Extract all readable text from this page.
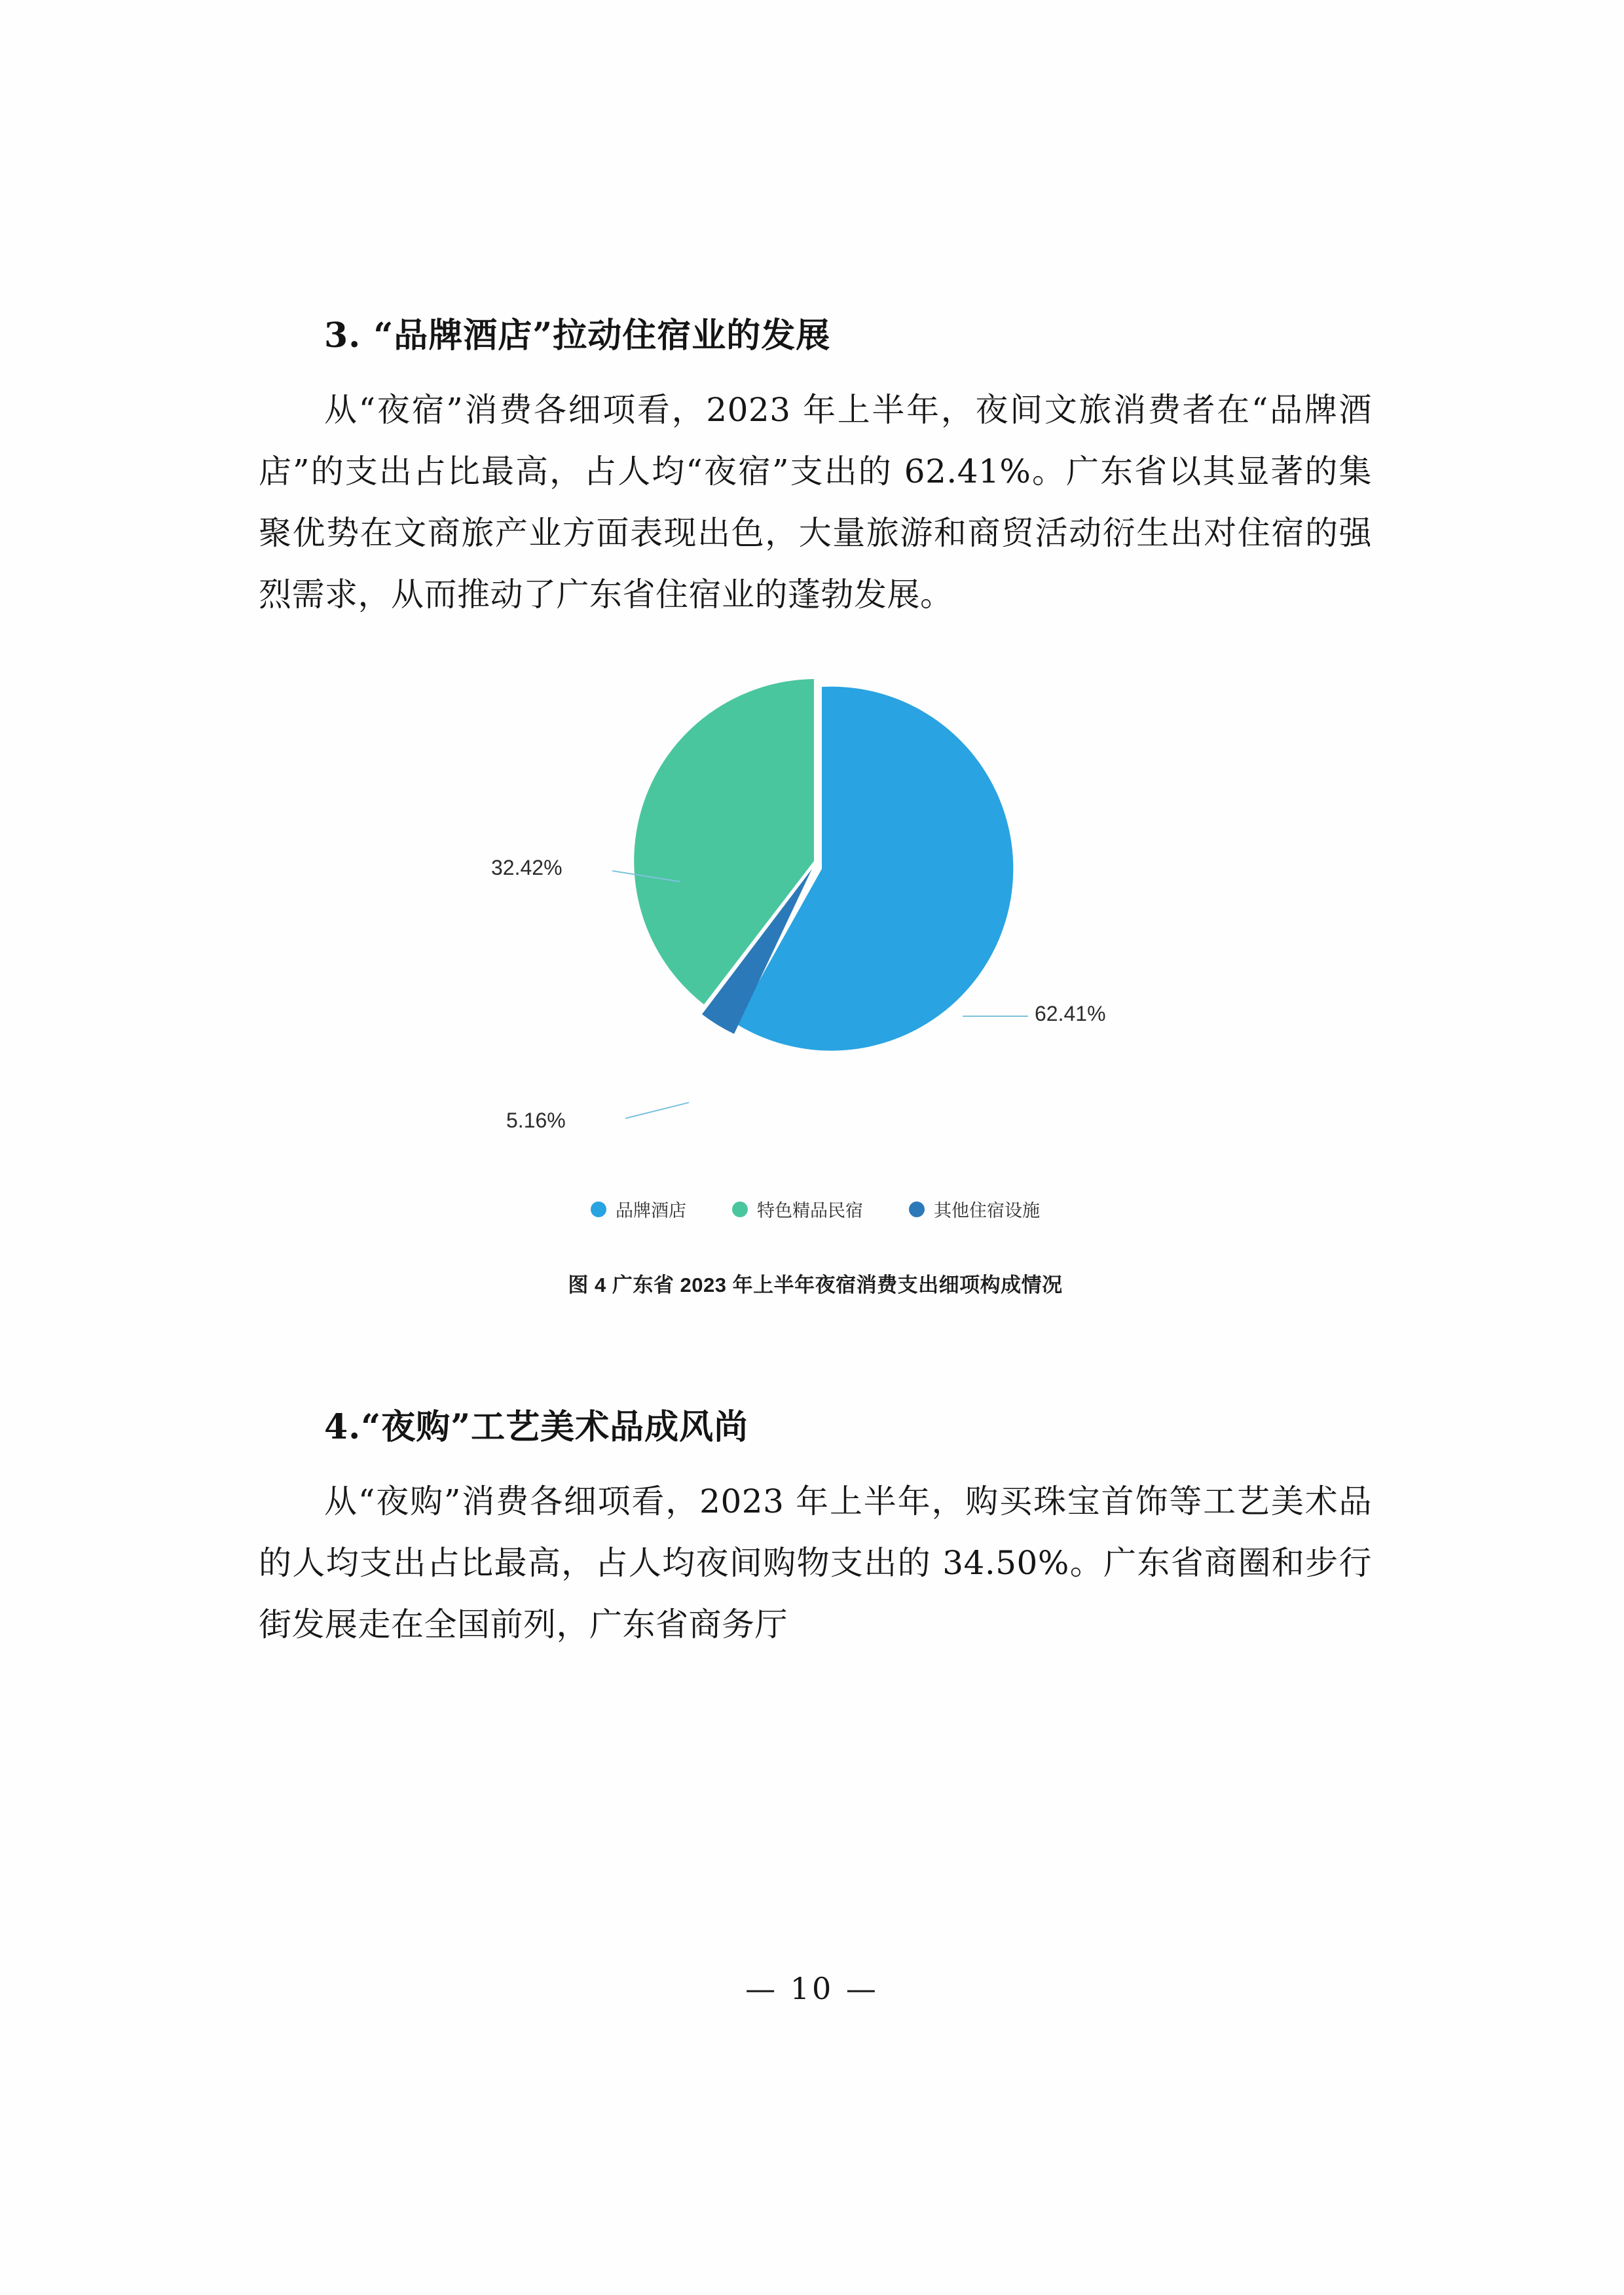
3. “品牌酒店”拉动住宿业的发展

从“夜宿”消费各细项看，2023 年上半年，夜间文旅消费者在“品牌酒店”的支出占比最高，占人均“夜宿”支出的 62.41%。广东省以其显著的集聚优势在文商旅产业方面表现出色，大量旅游和商贸活动衍生出对住宿的强烈需求，从而推动了广东省住宿业的蓬勃发展。

62.41%
32.42%
5.16%
品牌酒店	特色精品民宿	其他住宿设施
图 4 广东省 2023 年上半年夜宿消费支出细项构成情况
4.“夜购”工艺美术品成风尚

从“夜购”消费各细项看，2023 年上半年，购买珠宝首饰等工艺美术品的人均支出占比最高，占人均夜间购物支出的 34.50%。广东省商圈和步行街发展走在全国前列，广东省商务厅

— 10 —
